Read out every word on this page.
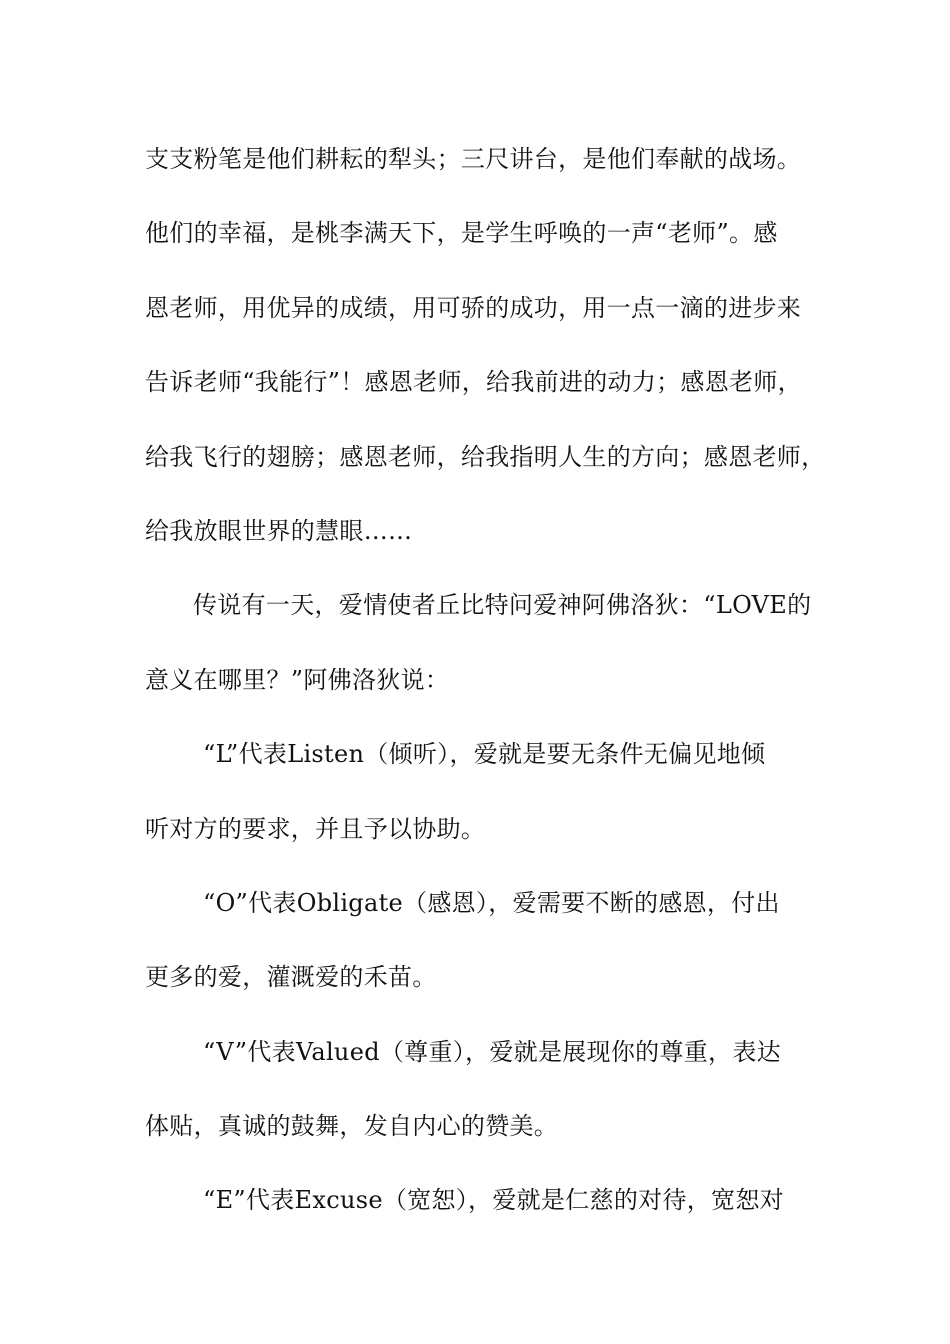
支支粉笔是他们耕耘的犁头；三尺讲台，是他们奉献的战场。
他们的幸福，是桃李满天下，是学生呼唤的一声“老师”。感
恩老师，用优异的成绩，用可骄的成功，用一点一滴的进步来
告诉老师“我能行”！感恩老师，给我前进的动力；感恩老师，
给我飞行的翅膀；感恩老师，给我指明人生的方向；感恩老师，
给我放眼世界的慧眼……
传说有一天，爱情使者丘比特问爱神阿佛洛狄：“LOVE的
意义在哪里？”阿佛洛狄说：
“L”代表Listen（倾听），爱就是要无条件无偏见地倾
听对方的要求，并且予以协助。
“O”代表Obligate（感恩），爱需要不断的感恩，付出
更多的爱，灌溉爱的禾苗。
“V”代表Valued（尊重），爱就是展现你的尊重，表达
体贴，真诚的鼓舞，发自内心的赞美。
“E”代表Excuse（宽恕），爱就是仁慈的对待，宽恕对
